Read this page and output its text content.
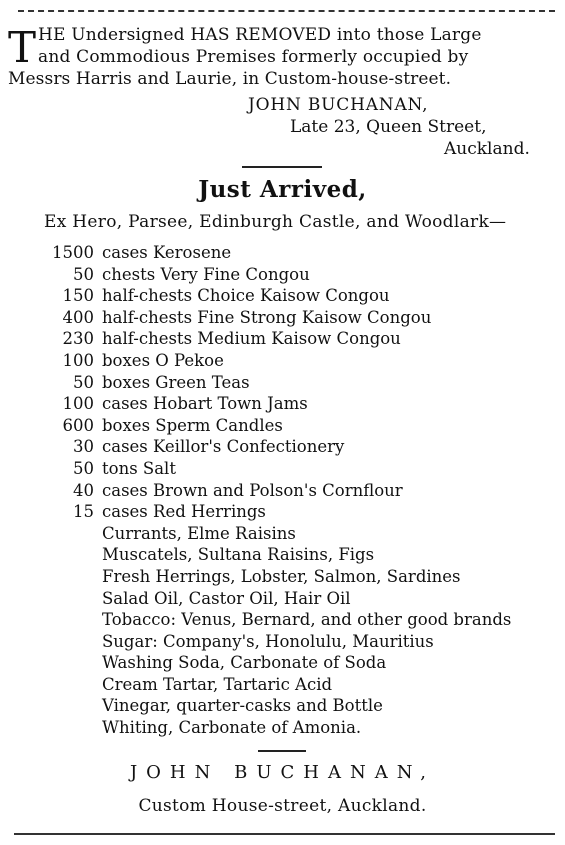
T HE Undersigned HAS REMOVED into those Large
and Commodious Premises formerly occupied by
Messrs Harris and Laurie, in Custom-house-street.
JOHN BUCHANAN,
Late 23, Queen Street,
Auckland.
Just Arrived,
Ex Hero, Parsee, Edinburgh Castle, and Woodlark—
1500 cases Kerosene
50 chests Very Fine Congou
150 half-chests Choice Kaisow Congou
400 half-chests Fine Strong Kaisow Congou
230 half-chests Medium Kaisow Congou
100 boxes O Pekoe
50 boxes Green Teas
100 cases Hobart Town Jams
600 boxes Sperm Candles
30 cases Keillor's Confectionery
50 tons Salt
40 cases Brown and Polson's Cornflour
15 cases Red Herrings
Currants, Elme Raisins
Muscatels, Sultana Raisins, Figs
Fresh Herrings, Lobster, Salmon, Sardines
Salad Oil, Castor Oil, Hair Oil
Tobacco: Venus, Bernard, and other good brands
Sugar: Company's, Honolulu, Mauritius
Washing Soda, Carbonate of Soda
Cream Tartar, Tartaric Acid
Vinegar, quarter-casks and Bottle
Whiting, Carbonate of Amonia.
JOHN BUCHANAN,
Custom House-street, Auckland.
